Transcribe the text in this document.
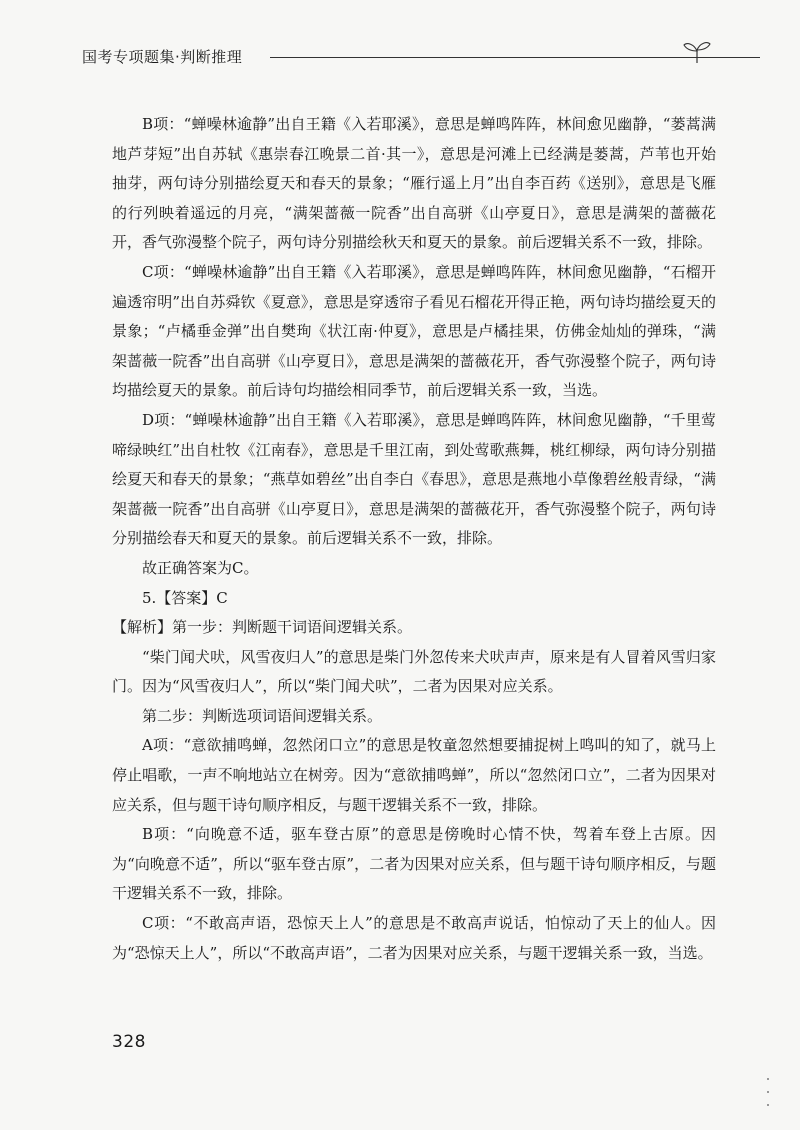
国考专项题集·判断推理

B项：“蝉噪林逾静”出自王籍《入若耶溪》，意思是蝉鸣阵阵，林间愈见幽静，“蒌蒿满地芦芽短”出自苏轼《惠崇春江晚景二首·其一》，意思是河滩上已经满是蒌蒿，芦苇也开始抽芽，两句诗分别描绘夏天和春天的景象；“雁行遥上月”出自李百药《送别》，意思是飞雁的行列映着遥远的月亮，“满架蔷薇一院香”出自高骈《山亭夏日》，意思是满架的蔷薇花开，香气弥漫整个院子，两句诗分别描绘秋天和夏天的景象。前后逻辑关系不一致，排除。

C项：“蝉噪林逾静”出自王籍《入若耶溪》，意思是蝉鸣阵阵，林间愈见幽静，“石榴开遍透帘明”出自苏舜钦《夏意》，意思是穿透帘子看见石榴花开得正艳，两句诗均描绘夏天的景象；“卢橘垂金弹”出自樊珣《状江南·仲夏》，意思是卢橘挂果，仿佛金灿灿的弹珠，“满架蔷薇一院香”出自高骈《山亭夏日》，意思是满架的蔷薇花开，香气弥漫整个院子，两句诗均描绘夏天的景象。前后诗句均描绘相同季节，前后逻辑关系一致，当选。

D项：“蝉噪林逾静”出自王籍《入若耶溪》，意思是蝉鸣阵阵，林间愈见幽静，“千里莺啼绿映红”出自杜牧《江南春》，意思是千里江南，到处莺歌燕舞，桃红柳绿，两句诗分别描绘夏天和春天的景象；“燕草如碧丝”出自李白《春思》，意思是燕地小草像碧丝般青绿，“满架蔷薇一院香”出自高骈《山亭夏日》，意思是满架的蔷薇花开，香气弥漫整个院子，两句诗分别描绘春天和夏天的景象。前后逻辑关系不一致，排除。

故正确答案为C。

5.【答案】C

【解析】第一步：判断题干词语间逻辑关系。

“柴门闻犬吠，风雪夜归人”的意思是柴门外忽传来犬吠声声，原来是有人冒着风雪归家门。因为“风雪夜归人”，所以“柴门闻犬吠”，二者为因果对应关系。

第二步：判断选项词语间逻辑关系。

A项：“意欲捕鸣蝉，忽然闭口立”的意思是牧童忽然想要捕捉树上鸣叫的知了，就马上停止唱歌，一声不响地站立在树旁。因为“意欲捕鸣蝉”，所以“忽然闭口立”，二者为因果对应关系，但与题干诗句顺序相反，与题干逻辑关系不一致，排除。

B项：“向晚意不适，驱车登古原”的意思是傍晚时心情不快，驾着车登上古原。因为“向晚意不适”，所以“驱车登古原”，二者为因果对应关系，但与题干诗句顺序相反，与题干逻辑关系不一致，排除。

C项：“不敢高声语，恐惊天上人”的意思是不敢高声说话，怕惊动了天上的仙人。因为“恐惊天上人”，所以“不敢高声语”，二者为因果对应关系，与题干逻辑关系一致，当选。

328
